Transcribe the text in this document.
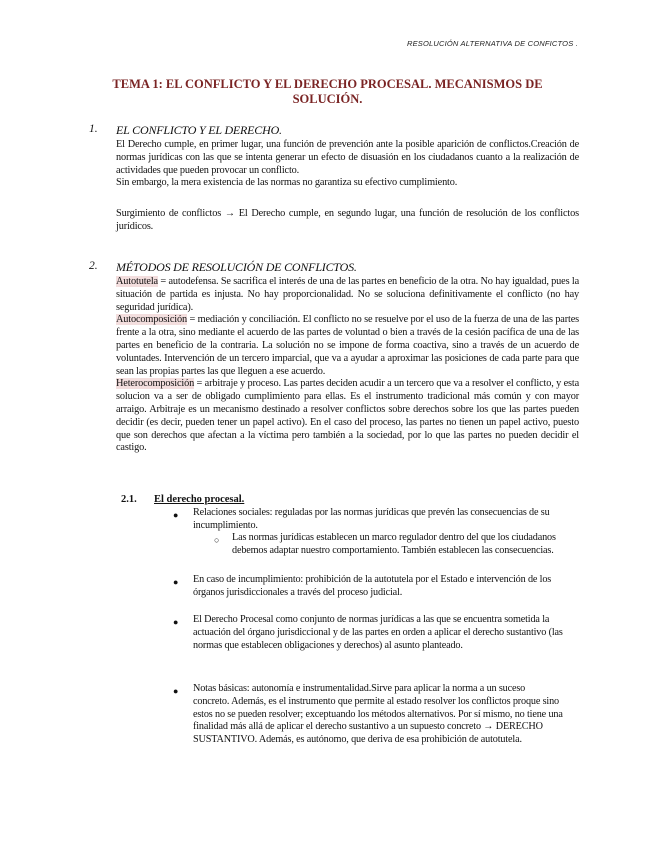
RESOLUCIÓN ALTERNATIVA DE CONFICTOS .
TEMA 1: EL CONFLICTO Y EL DERECHO PROCESAL. MECANISMOS DE SOLUCIÓN.
1. EL CONFLICTO Y EL DERECHO.

El Derecho cumple, en primer lugar, una función de prevención ante la posible aparición de conflictos.Creación de normas jurídicas con las que se intenta generar un efecto de disuasión en los ciudadanos cuanto a la realización de actividades que pueden provocar un conflicto.

Sin embargo, la mera existencia de las normas no garantiza su efectivo cumplimiento.

Surgimiento de conflictos → El Derecho cumple, en segundo lugar, una función de resolución de los conflictos jurídicos.

2. MÉTODOS DE RESOLUCIÓN DE CONFLICTOS.

Autotutela = autodefensa. Se sacrifica el interés de una de las partes en beneficio de la otra. No hay igualdad, pues la situación de partida es injusta. No hay proporcionalidad. No se soluciona definitivamente el conflicto (no hay seguridad jurídica).

Autocomposición = mediación y conciliación. El conflicto no se resuelve por el uso de la fuerza de una de las partes frente a la otra, sino mediante el acuerdo de las partes de voluntad o bien a través de la cesión pacífica de una de las partes en beneficio de la contraria. La solución no se impone de forma coactiva, sino a través de un acuerdo de voluntades. Intervención de un tercero imparcial, que va a ayudar a aproximar las posiciones de cada parte para que sean las propias partes las que lleguen a ese acuerdo.

Heterocomposición = arbitraje y proceso. Las partes deciden acudir a un tercero que va a resolver el conflicto, y esta solucion va a ser de obligado cumplimiento para ellas. Es el instrumento tradicional más común y con mayor arraigo. Arbitraje es un mecanismo destinado a resolver conflictos sobre derechos sobre los que las partes pueden decidir (es decir, pueden tener un papel activo). En el caso del proceso, las partes no tienen un papel activo, puesto que son derechos que afectan a la víctima pero también a la sociedad, por lo que las partes no pueden decidir el castigo.

2.1. El derecho procesal.
● Relaciones sociales: reguladas por las normas jurídicas que prevén las consecuencias de su incumplimiento.
○ Las normas jurídicas establecen un marco regulador dentro del que los ciudadanos debemos adaptar nuestro comportamiento. También establecen las consecuencias.
● En caso de incumplimiento: prohibición de la autotutela por el Estado e intervención de los órganos jurisdiccionales a través del proceso judicial.
● El Derecho Procesal como conjunto de normas jurídicas a las que se encuentra sometida la actuación del órgano jurisdiccional y de las partes en orden a aplicar el derecho sustantivo (las normas que establecen obligaciones y derechos) al asunto planteado.
● Notas básicas: autonomía e instrumentalidad.Sirve para aplicar la norma a un suceso concreto. Además, es el instrumento que permite al estado resolver los conflictos proque sino estos no se pueden resolver; exceptuando los métodos alternativos. Por sí mismo, no tiene una finalidad más allá de aplicar el derecho sustantivo a un supuesto concreto → DERECHO SUSTANTIVO. Además, es autónomo, que deriva de esa prohibición de autotutela.
